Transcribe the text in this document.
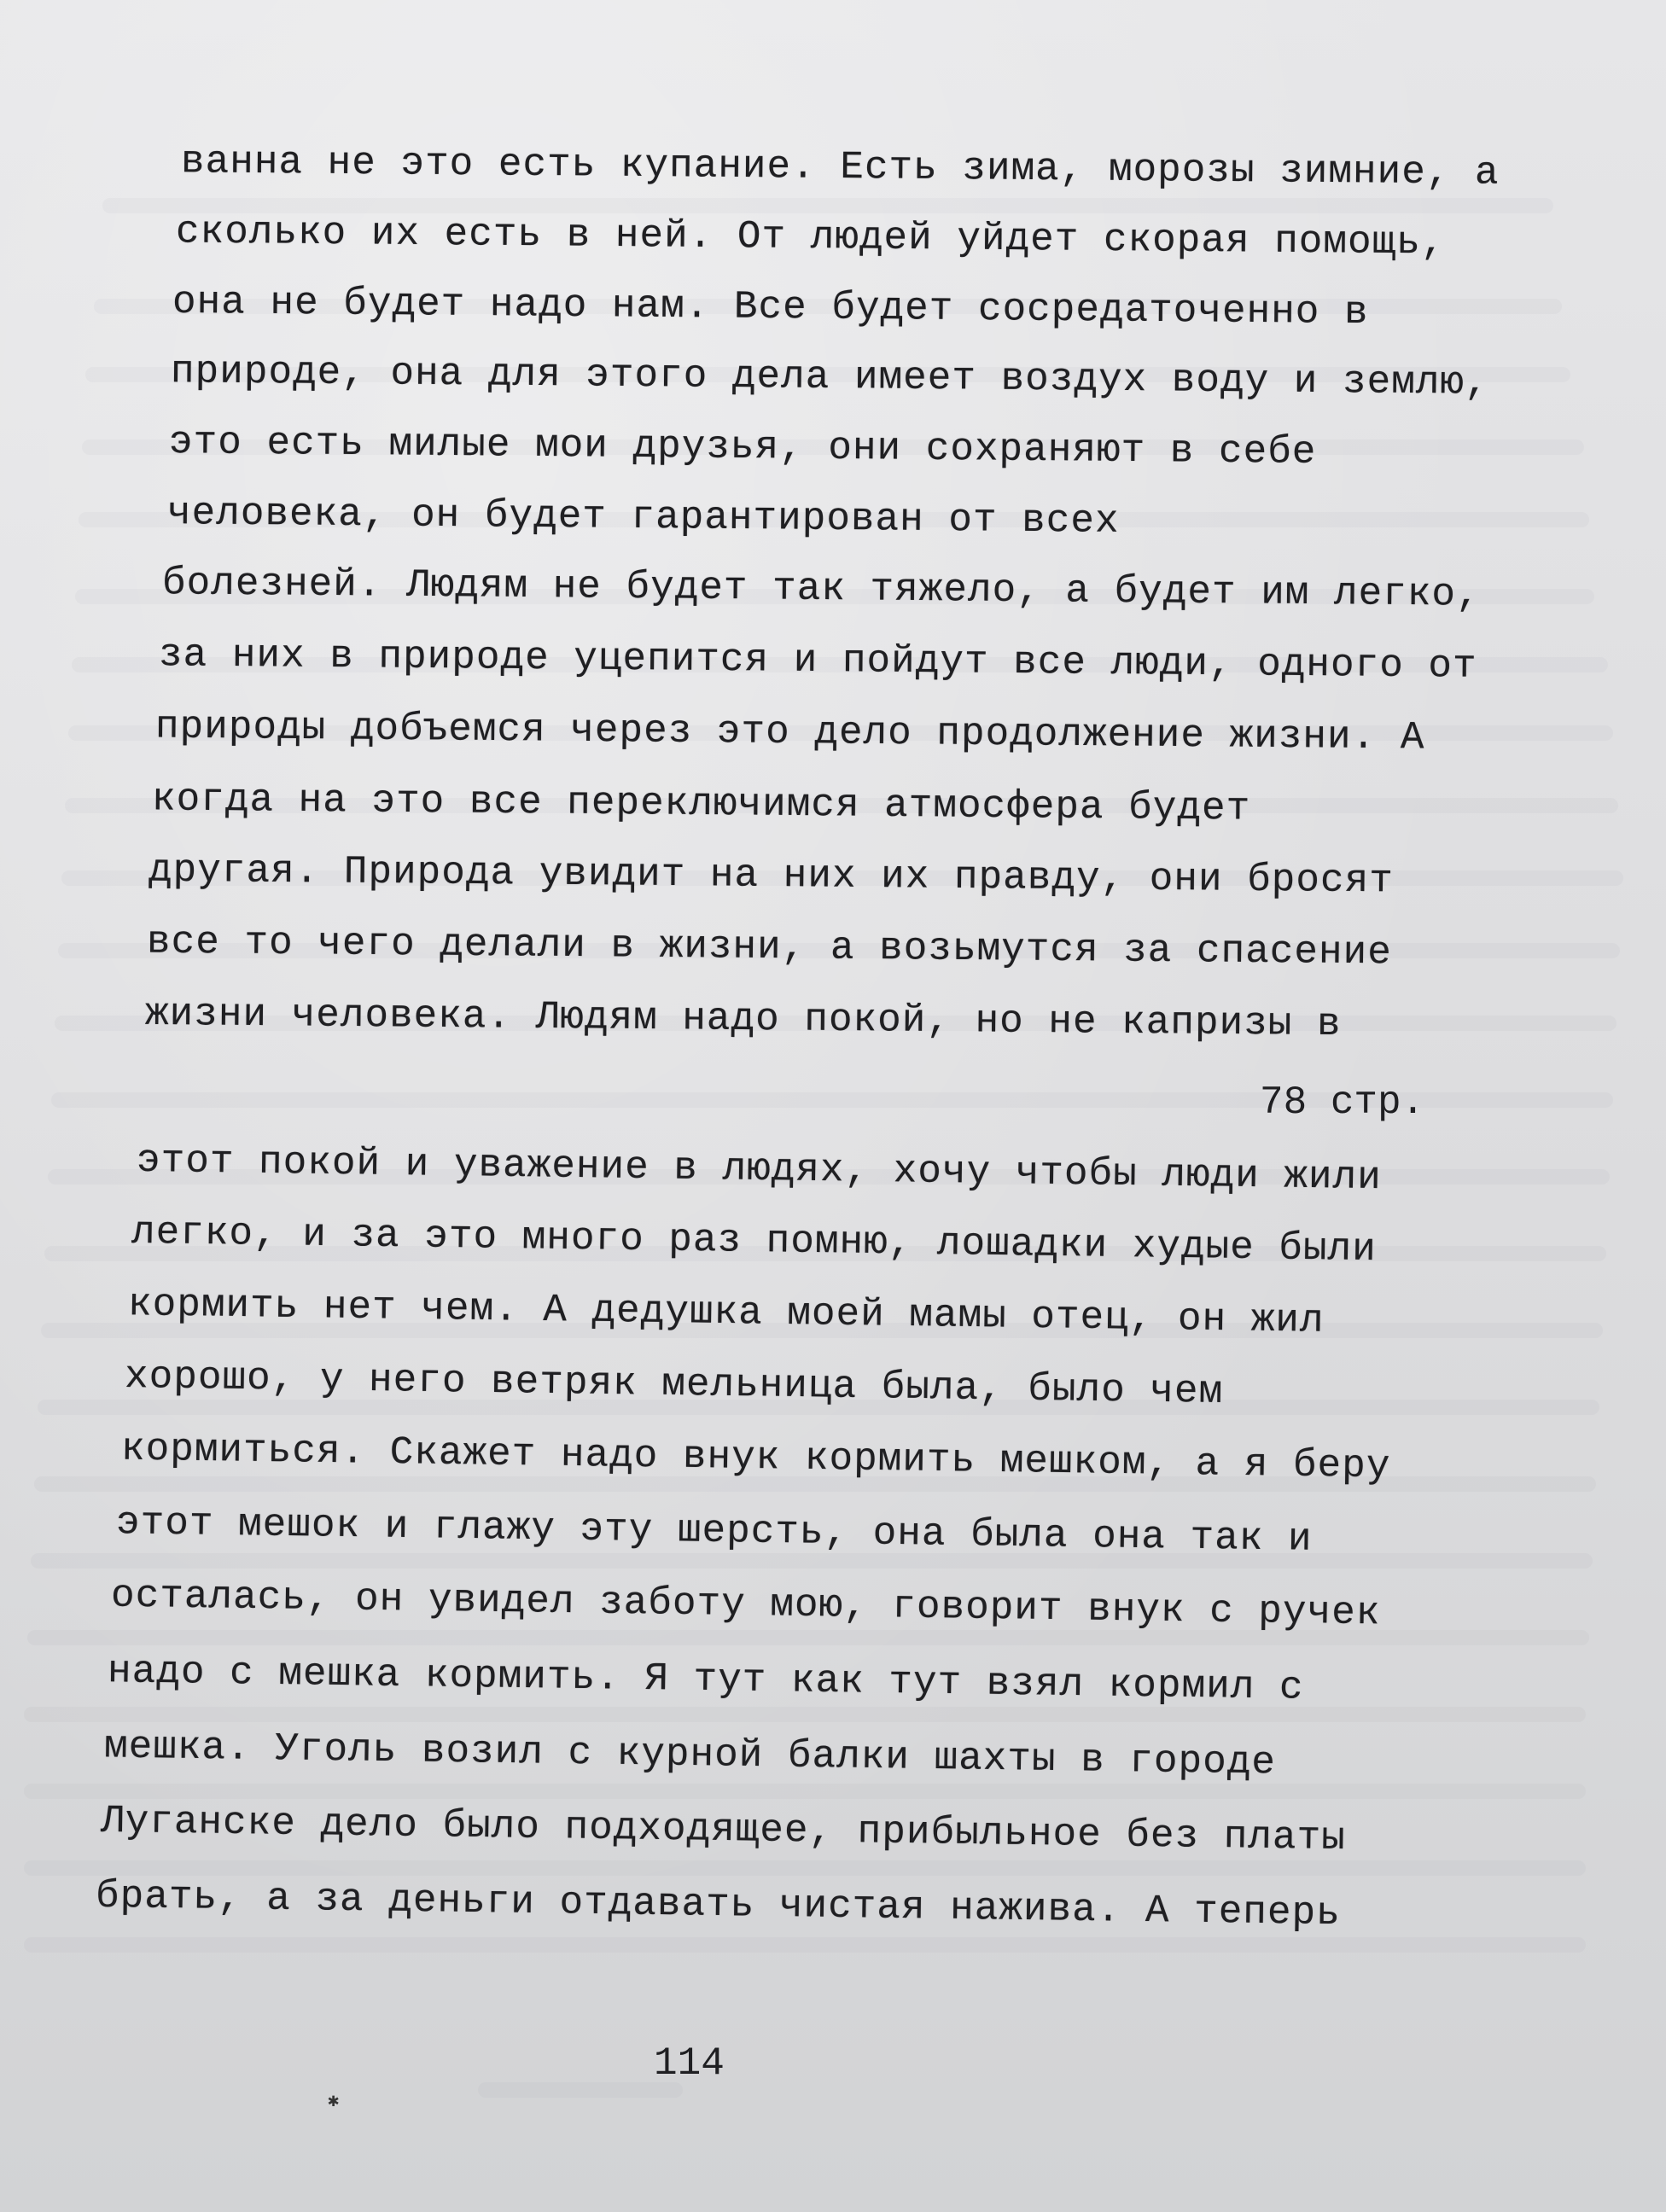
ванна не это есть купание. Есть зима, морозы зимние, а
сколько их есть в ней. От людей уйдет скорая помощь,
она не будет надо нам. Все будет сосредаточенно в
природе, она для этого дела имеет воздух воду и землю,
это есть милые мои друзья, они сохраняют в себе
человека, он будет гарантирован от всех
болезней. Людям не будет так тяжело, а будет им легко,
за них в природе уцепится и пойдут все люди, одного от
природы добъемся через это дело продолжение жизни. А
когда на это все переключимся атмосфера будет
другая. Природа увидит на них их правду, они бросят
все то чего делали в жизни, а возьмутся за спасение
жизни человека. Людям надо покой, но не капризы в
78 стр.
этот покой и уважение в людях, хочу чтобы люди жили
легко, и за это много раз помню, лошадки худые были
кормить нет чем. А дедушка моей мамы отец, он жил
хорошо, у него ветряк мельница была, было чем
кормиться. Скажет надо внук кормить мешком, а я беру
этот мешок и глажу эту шерсть, она была она так и
осталась, он увидел заботу мою, говорит внук с ручек
надо с мешка кормить. Я тут как тут взял кормил с
мешка. Уголь возил с курной балки шахты в городе
Луганске дело было подходящее, прибыльное без платы
брать, а за деньги отдавать чистая нажива. А теперь
114
✱
